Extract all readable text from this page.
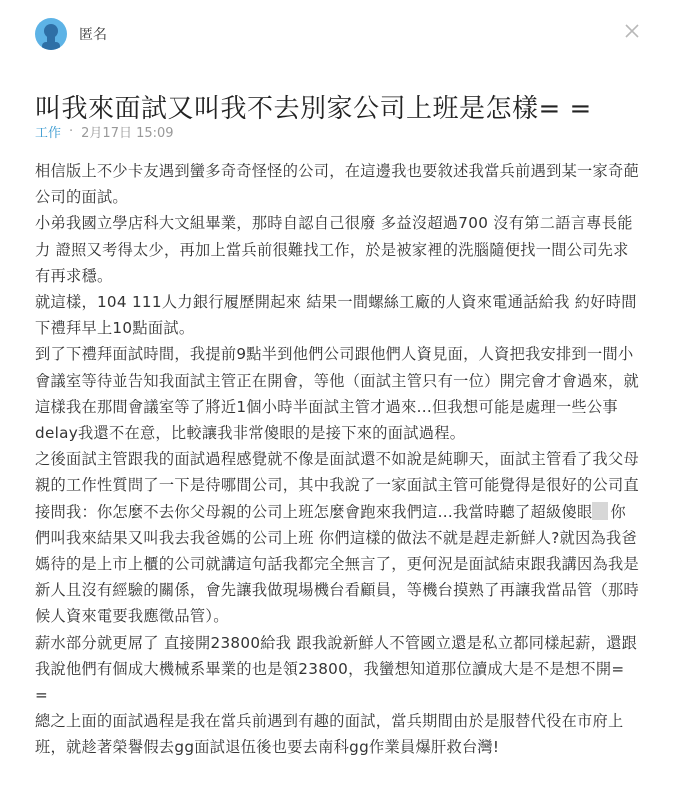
匿名
叫我來面試又叫我不去別家公司上班是怎樣= =
工作 · 2月17日 15:09

相信版上不少卡友遇到蠻多奇奇怪怪的公司，在這邊我也要敘述我當兵前遇到某一家奇葩公司的面試。

小弟我國立學店科大文組畢業，那時自認自己很廢 多益沒超過700 沒有第二語言專長能力 證照又考得太少，再加上當兵前很難找工作，於是被家裡的洗腦隨便找一間公司先求有再求穩。

就這樣，104 111人力銀行履歷開起來 結果一間螺絲工廠的人資來電通話給我 約好時間下禮拜早上10點面試。

到了下禮拜面試時間，我提前9點半到他們公司跟他們人資見面，人資把我安排到一間小會議室等待並告知我面試主管正在開會，等他（面試主管只有一位）開完會才會過來，就這樣我在那間會議室等了將近1個小時半面試主管才過來...但我想可能是處理一些公事delay我還不在意，比較讓我非常傻眼的是接下來的面試過程。

之後面試主管跟我的面試過程感覺就不像是面試還不如說是純聊天，面試主管看了我父母親的工作性質問了一下是待哪間公司，其中我說了一家面試主管可能覺得是很好的公司直接問我：你怎麼不去你父母親的公司上班怎麼會跑來我們這...我當時聽了超級傻眼 你們叫我來結果又叫我去我爸媽的公司上班 你們這樣的做法不就是趕走新鮮人?就因為我爸媽待的是上市上櫃的公司就講這句話我都完全無言了，更何況是面試結束跟我講因為我是新人且沒有經驗的關係，會先讓我做現場機台看顧員，等機台摸熟了再讓我當品管（那時候人資來電要我應徵品管）。

薪水部分就更屌了 直接開23800給我 跟我說新鮮人不管國立還是私立都同樣起薪，還跟我說他們有個成大機械系畢業的也是領23800，我蠻想知道那位讀成大是不是想不開= =

總之上面的面試過程是我在當兵前遇到有趣的面試，當兵期間由於是服替代役在市府上班，就趁著榮譽假去gg面試退伍後也要去南科gg作業員爆肝救台灣!
